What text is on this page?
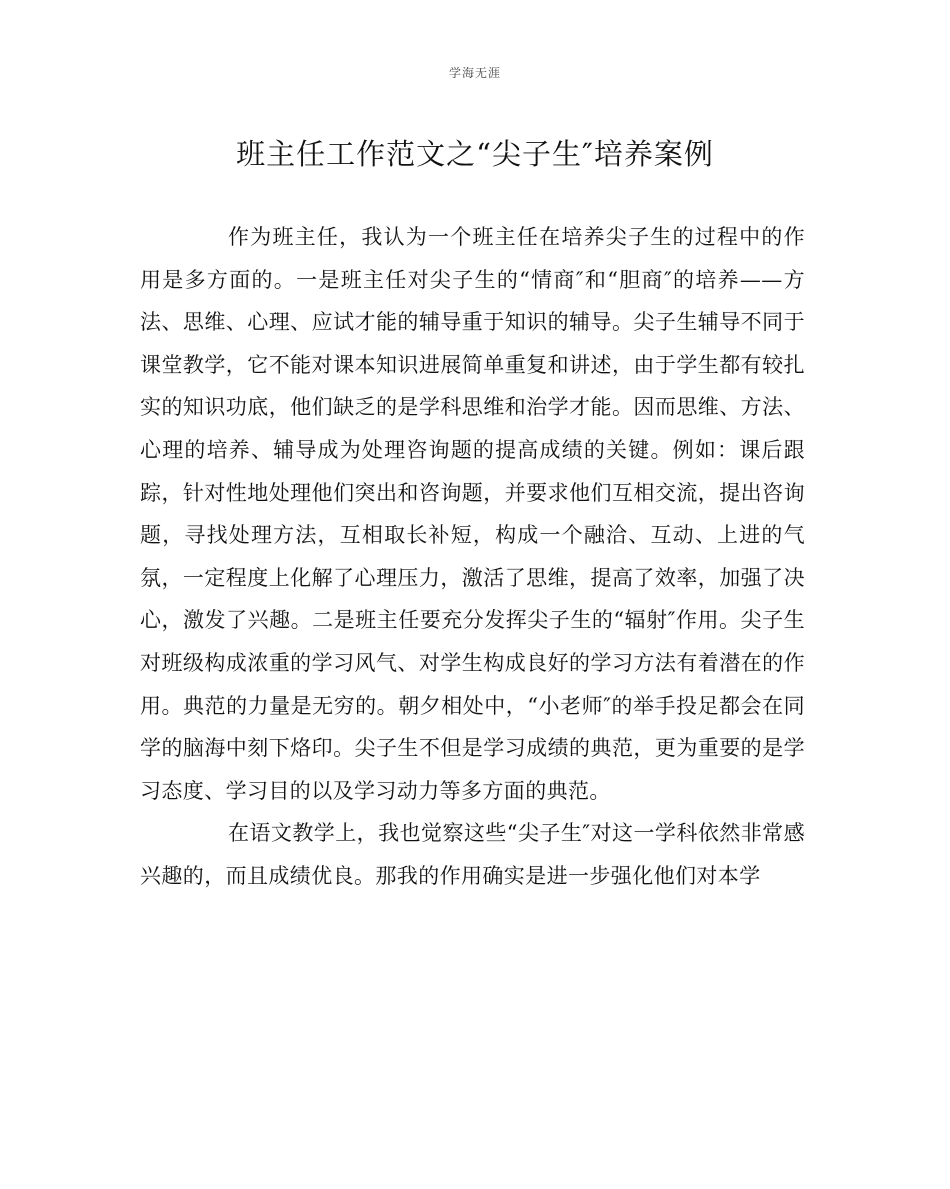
学海无涯
班主任工作范文之“尖子生″培养案例

作为班主任，我认为一个班主任在培养尖子生的过程中的作用是多方面的。一是班主任对尖子生的“情商″和“胆商″的培养——方法、思维、心理、应试才能的辅导重于知识的辅导。尖子生辅导不同于课堂教学，它不能对课本知识进展简单重复和讲述，由于学生都有较扎实的知识功底，他们缺乏的是学科思维和治学才能。因而思维、方法、心理的培养、辅导成为处理咨询题的提高成绩的关键。例如：课后跟踪，针对性地处理他们突出和咨询题，并要求他们互相交流，提出咨询题，寻找处理方法，互相取长补短，构成一个融洽、互动、上进的气氛，一定程度上化解了心理压力，激活了思维，提高了效率，加强了决心，激发了兴趣。二是班主任要充分发挥尖子生的“辐射″作用。尖子生对班级构成浓重的学习风气、对学生构成良好的学习方法有着潜在的作用。典范的力量是无穷的。朝夕相处中，“小老师″的举手投足都会在同学的脑海中刻下烙印。尖子生不但是学习成绩的典范，更为重要的是学习态度、学习目的以及学习动力等多方面的典范。

在语文教学上，我也觉察这些“尖子生″对这一学科依然非常感兴趣的，而且成绩优良。那我的作用确实是进一步强化他们对本学
